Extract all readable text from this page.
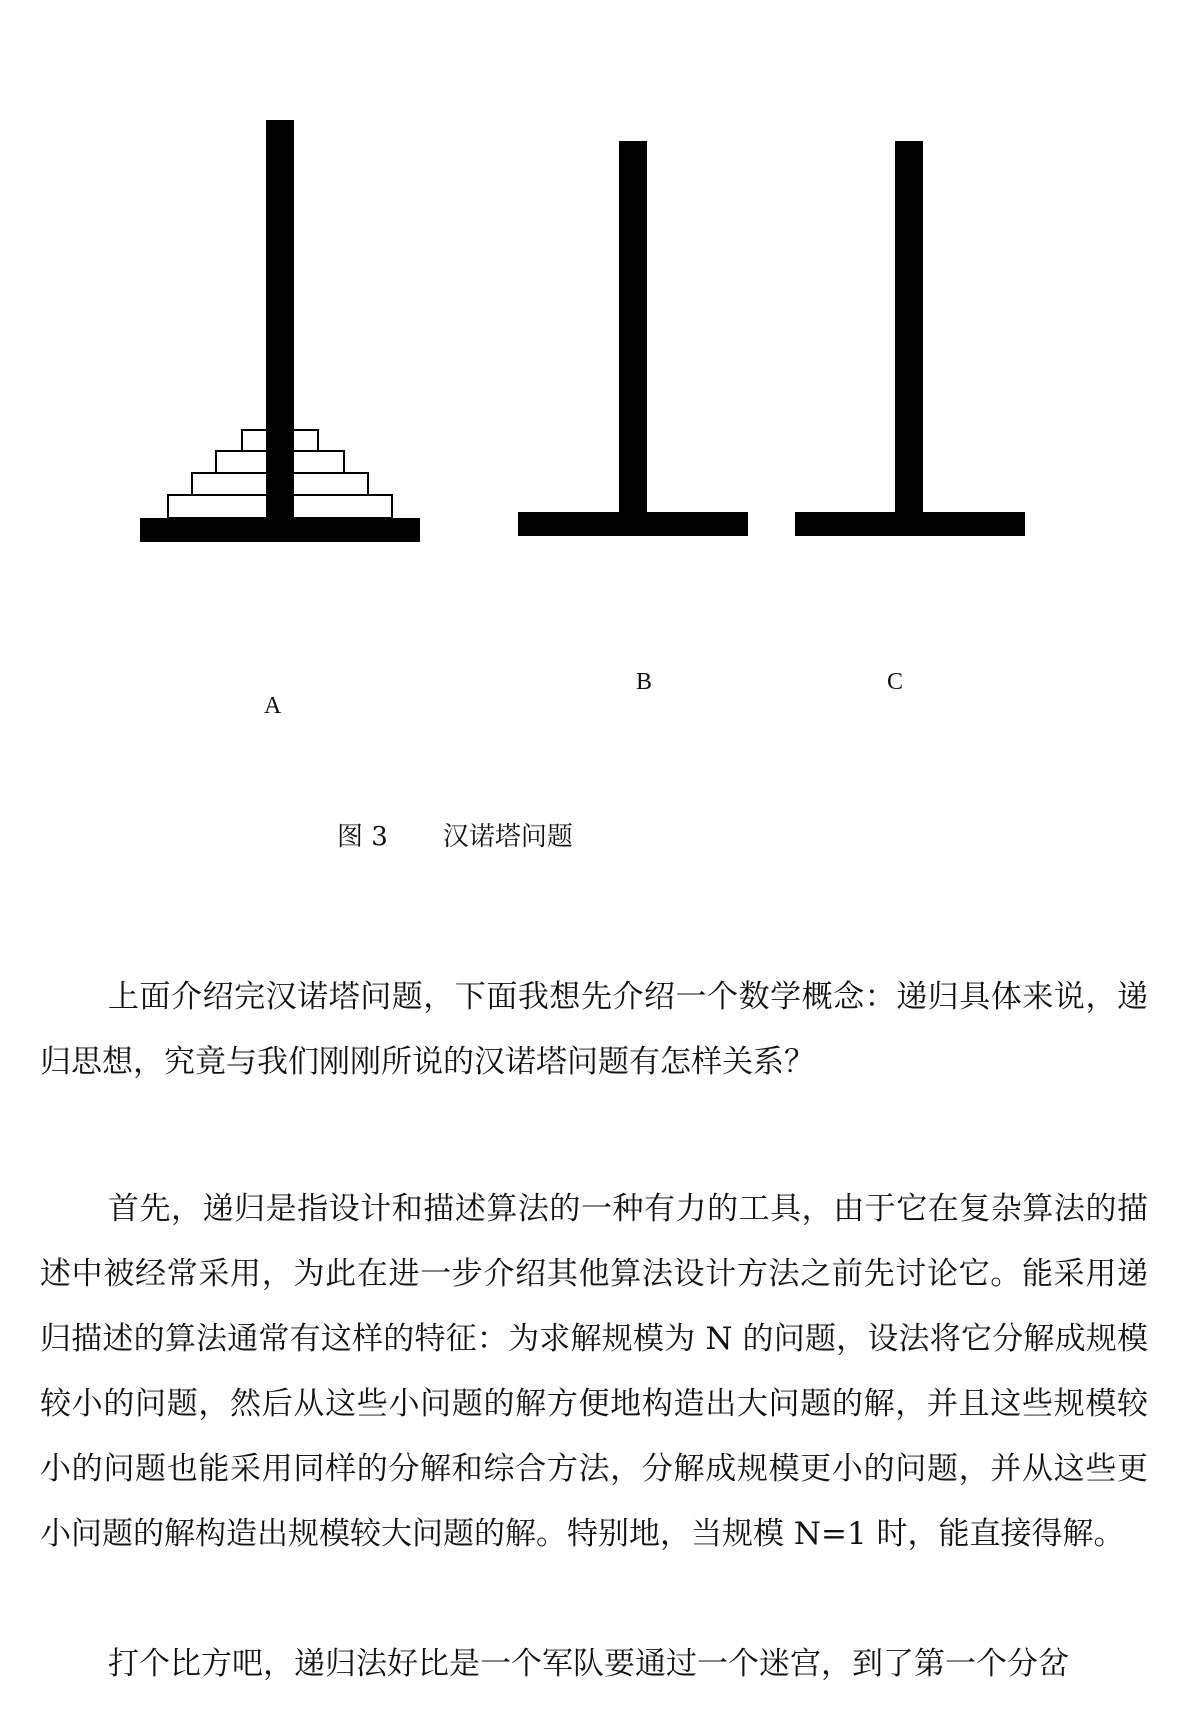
A
B	C
图 3 汉诺塔问题

上面介绍完汉诺塔问题，下面我想先介绍一个数学概念：递归具体来说，递归思想，究竟与我们刚刚所说的汉诺塔问题有怎样关系？

首先，递归是指设计和描述算法的一种有力的工具，由于它在复杂算法的描述中被经常采用，为此在进一步介绍其他算法设计方法之前先讨论它。能采用递归描述的算法通常有这样的特征：为求解规模为 N 的问题，设法将它分解成规模较小的问题，然后从这些小问题的解方便地构造出大问题的解，并且这些规模较小的问题也能采用同样的分解和综合方法，分解成规模更小的问题，并从这些更小问题的解构造出规模较大问题的解。特别地，当规模 N=1 时，能直接得解。

打个比方吧，递归法好比是一个军队要通过一个迷宫，到了第一个分岔
